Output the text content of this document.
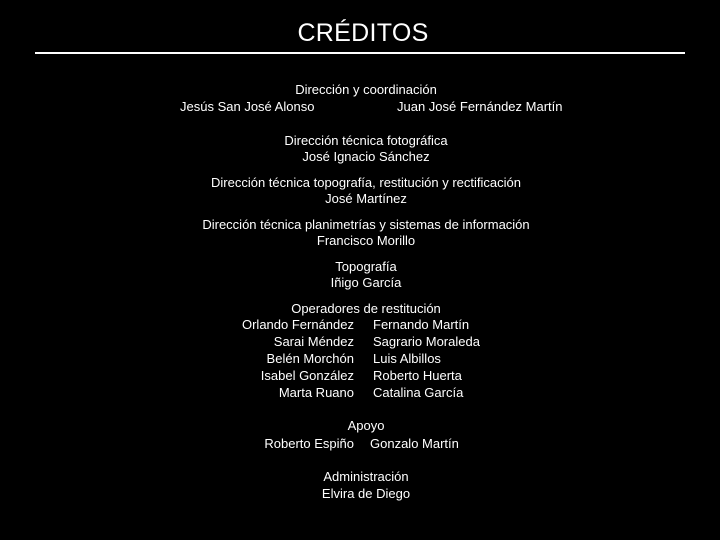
CRÉDITOS
Dirección y coordinación
Jesús San José Alonso	Juan José Fernández Martín
Dirección técnica fotográfica
José Ignacio Sánchez
Dirección técnica topografía, restitución y rectificación
José Martínez
Dirección técnica planimetrías y sistemas de información
Francisco Morillo
Topografía
Iñigo García
Operadores de restitución
Orlando Fernández
Sarai Méndez
Belén Morchón
Isabel González
Marta Ruano
Fernando Martín
Sagrario Moraleda
Luis Albillos
Roberto Huerta
Catalina García
Apoyo
Roberto Espiño Gonzalo Martín
Administración
Elvira de Diego
